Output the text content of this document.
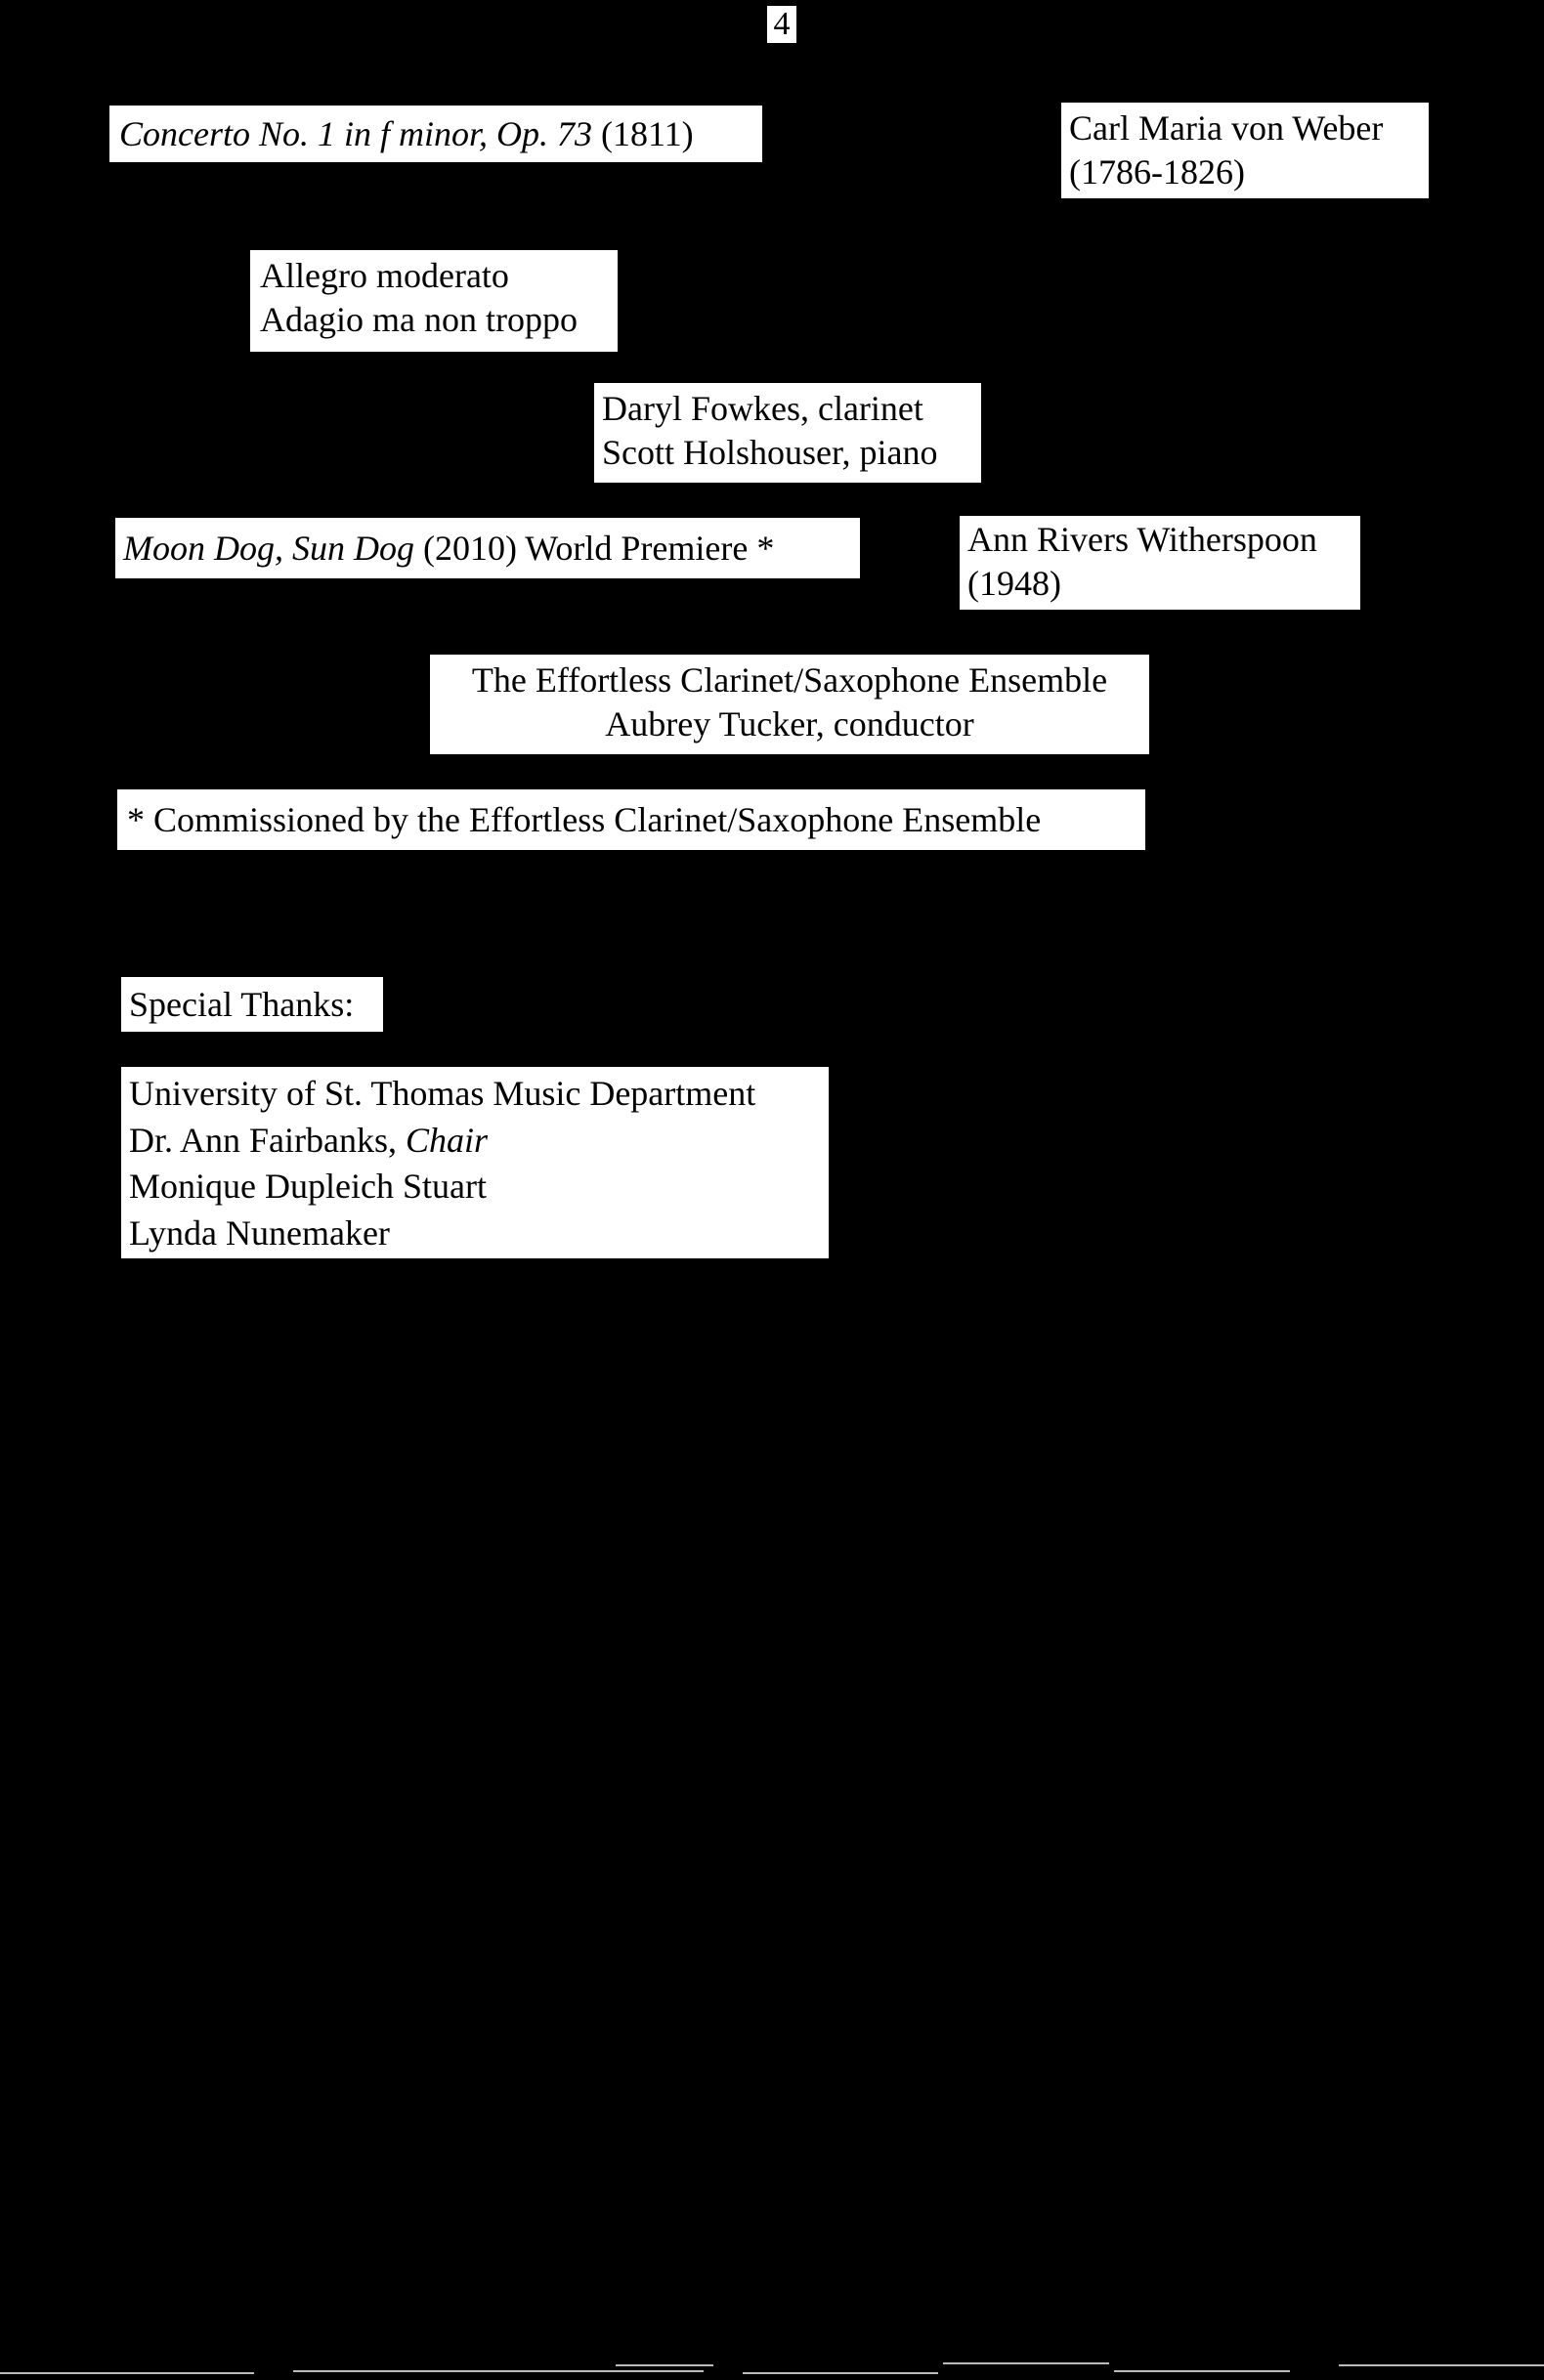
4
Concerto No. 1 in f minor, Op. 73 (1811)	Carl Maria von Weber
(1786-1826)
Allegro moderato
Adagio ma non troppo
Daryl Fowkes, clarinet
Scott Holshouser, piano
Moon Dog, Sun Dog (2010) World Premiere *	Ann Rivers Witherspoon
(1948)
The Effortless Clarinet/Saxophone Ensemble
Aubrey Tucker, conductor
* Commissioned by the Effortless Clarinet/Saxophone Ensemble
Special Thanks:
University of St. Thomas Music Department
Dr. Ann Fairbanks, Chair
Monique Dupleich Stuart
Lynda Nunemaker
